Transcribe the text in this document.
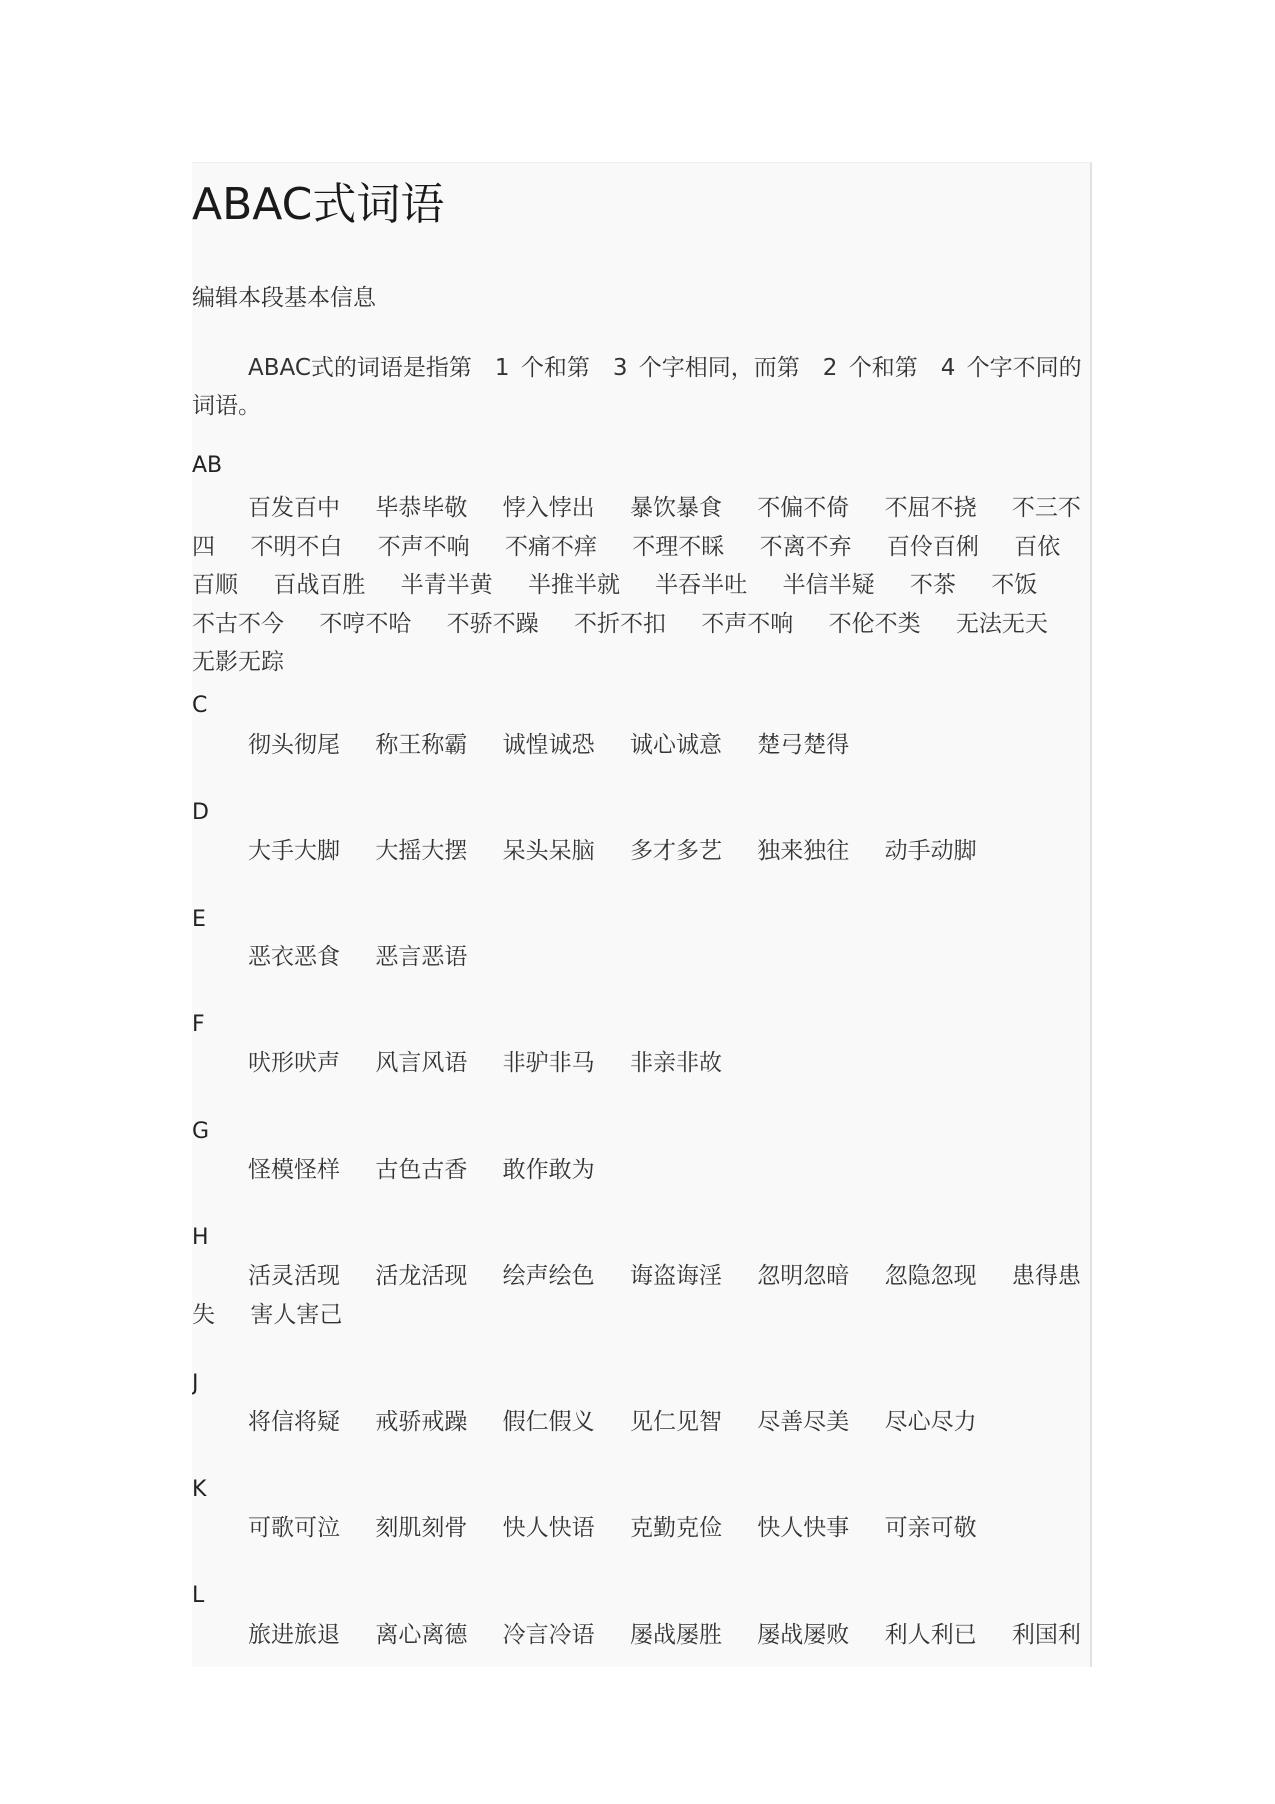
ABAC式词语
编辑本段基本信息
ABAC式的词语是指第　1 个和第　3 个字相同，而第　2 个和第　4 个字不同的词语。
AB
百发百中 毕恭毕敬 悖入悖出 暴饮暴食 不偏不倚 不屈不挠 不三不四 不明不白 不声不响 不痛不痒 不理不睬 不离不弃 百伶百俐 百依百顺 百战百胜 半青半黄 半推半就 半吞半吐 半信半疑 不茶 不饭 不古不今 不哼不哈 不骄不躁 不折不扣 不声不响 不伦不类 无法无天 无影无踪
C
彻头彻尾 称王称霸 诚惶诚恐 诚心诚意 楚弓楚得
D
大手大脚 大摇大摆 呆头呆脑 多才多艺 独来独往 动手动脚
E
恶衣恶食 恶言恶语
F
吠形吠声 风言风语 非驴非马 非亲非故
G
怪模怪样 古色古香 敢作敢为
H
活灵活现 活龙活现 绘声绘色 诲盗诲淫 忽明忽暗 忽隐忽现 患得患失 害人害己
J
将信将疑 戒骄戒躁 假仁假义 见仁见智 尽善尽美 尽心尽力
K
可歌可泣 刻肌刻骨 快人快语 克勤克俭 快人快事 可亲可敬
L
旅进旅退 离心离德 冷言冷语 屡战屡胜 屡战屡败 利人利已 利国利
